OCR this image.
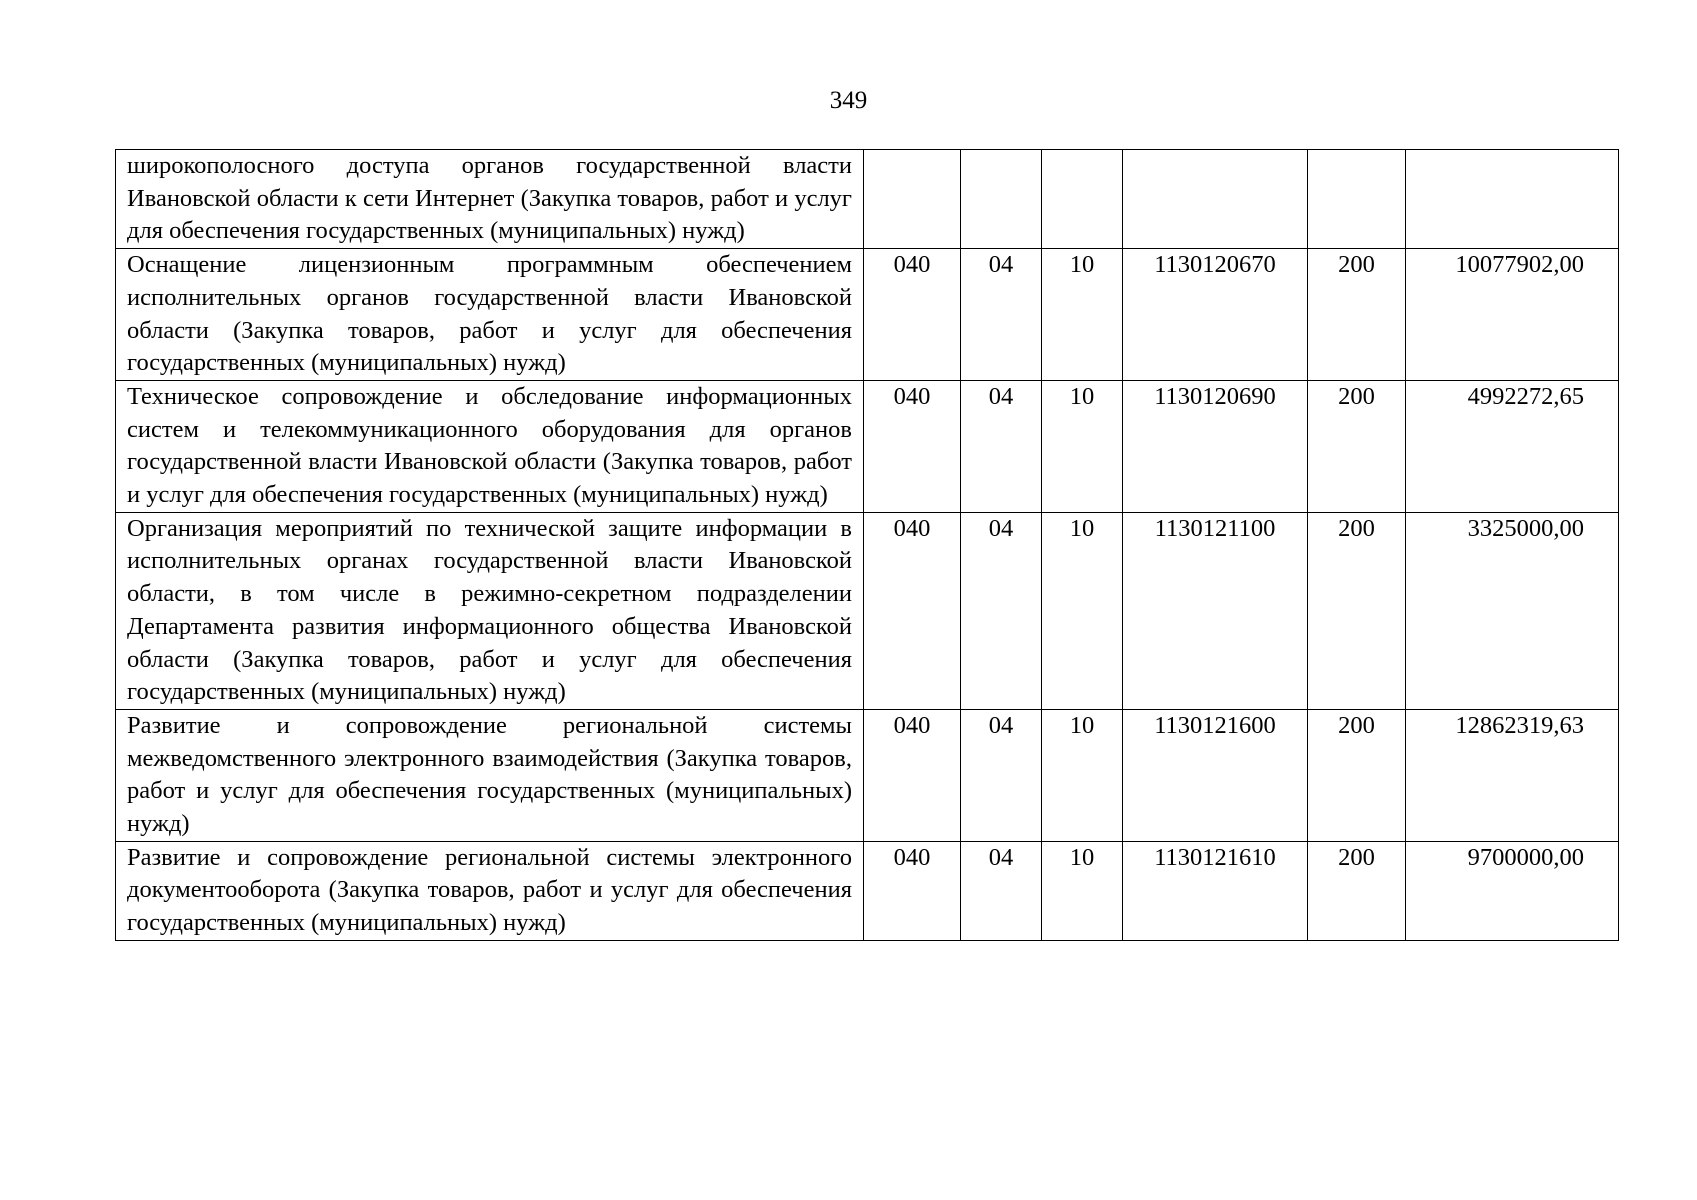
349
широкополосного доступа органов государственной власти Ивановской области к сети Интернет (Закупка товаров, работ и услуг для обеспечения государственных (муниципальных) нужд)						
Оснащение лицензионным программным обеспечением исполнительных органов государственной власти Ивановской области (Закупка товаров, работ и услуг для обеспечения государственных (муниципальных) нужд)	040	04	10	1130120670	200	10077902,00
Техническое сопровождение и обследование информационных систем и телекоммуникационного оборудования для органов государственной власти Ивановской области (Закупка товаров, работ и услуг для обеспечения государственных (муниципальных) нужд)	040	04	10	1130120690	200	4992272,65
Организация мероприятий по технической защите информации в исполнительных органах государственной власти Ивановской области, в том числе в режимно-секретном подразделении Департамента развития информационного общества Ивановской области (Закупка товаров, работ и услуг для обеспечения государственных (муниципальных) нужд)	040	04	10	1130121100	200	3325000,00
Развитие и сопровождение региональной системы межведомственного электронного взаимодействия (Закупка товаров, работ и услуг для обеспечения государственных (муниципальных) нужд)	040	04	10	1130121600	200	12862319,63
Развитие и сопровождение региональной системы электронного документооборота (Закупка товаров, работ и услуг для обеспечения государственных (муниципальных) нужд)	040	04	10	1130121610	200	9700000,00
